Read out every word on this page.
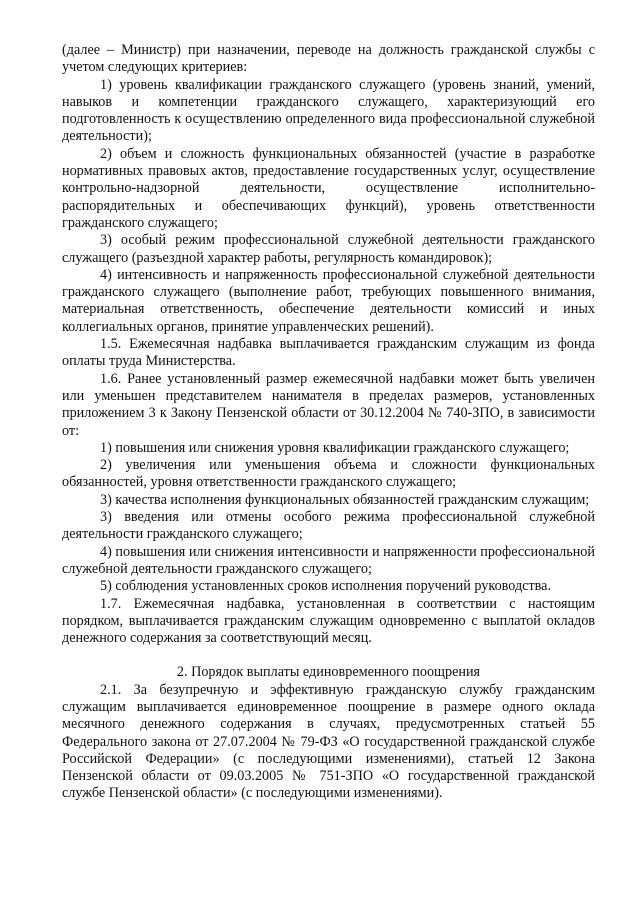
(далее – Министр) при назначении, переводе на должность гражданской службы с учетом следующих критериев:

1) уровень квалификации гражданского служащего (уровень знаний, умений, навыков и компетенции гражданского служащего, характеризующий его подготовленность к осуществлению определенного вида профессиональной служебной деятельности);

2) объем и сложность функциональных обязанностей (участие в разработке нормативных правовых актов, предоставление государственных услуг, осуществление контрольно-надзорной деятельности, осуществление исполнительно-распорядительных и обеспечивающих функций), уровень ответственности гражданского служащего;

3) особый режим профессиональной служебной деятельности гражданского служащего (разъездной характер работы, регулярность командировок);

4) интенсивность и напряженность профессиональной служебной деятельности гражданского служащего (выполнение работ, требующих повышенного внимания, материальная ответственность, обеспечение деятельности комиссий и иных коллегиальных органов, принятие управленческих решений).

1.5. Ежемесячная надбавка выплачивается гражданским служащим из фонда оплаты труда Министерства.

1.6. Ранее установленный размер ежемесячной надбавки может быть увеличен или уменьшен представителем нанимателя в пределах размеров, установленных приложением 3 к Закону Пензенской области от 30.12.2004 № 740-ЗПО, в зависимости от:

1) повышения или снижения уровня квалификации гражданского служащего;

2) увеличения или уменьшения объема и сложности функциональных обязанностей, уровня ответственности гражданского служащего;

3) качества исполнения функциональных обязанностей гражданским служащим;

3) введения или отмены особого режима профессиональной служебной деятельности гражданского служащего;

4) повышения или снижения интенсивности и напряженности профессиональной служебной деятельности гражданского служащего;

5) соблюдения установленных сроков исполнения поручений руководства.

1.7. Ежемесячная надбавка, установленная в соответствии с настоящим порядком, выплачивается гражданским служащим одновременно с выплатой окладов денежного содержания за соответствующий месяц.

2. Порядок выплаты единовременного поощрения

2.1. За безупречную и эффективную гражданскую службу гражданским служащим выплачивается единовременное поощрение в размере одного оклада месячного денежного содержания в случаях, предусмотренных статьей 55 Федерального закона от 27.07.2004 № 79-ФЗ «О государственной гражданской службе Российской Федерации» (с последующими изменениями), статьей 12 Закона Пензенской области от 09.03.2005 № 751-ЗПО «О государственной гражданской службе Пензенской области» (с последующими изменениями).
